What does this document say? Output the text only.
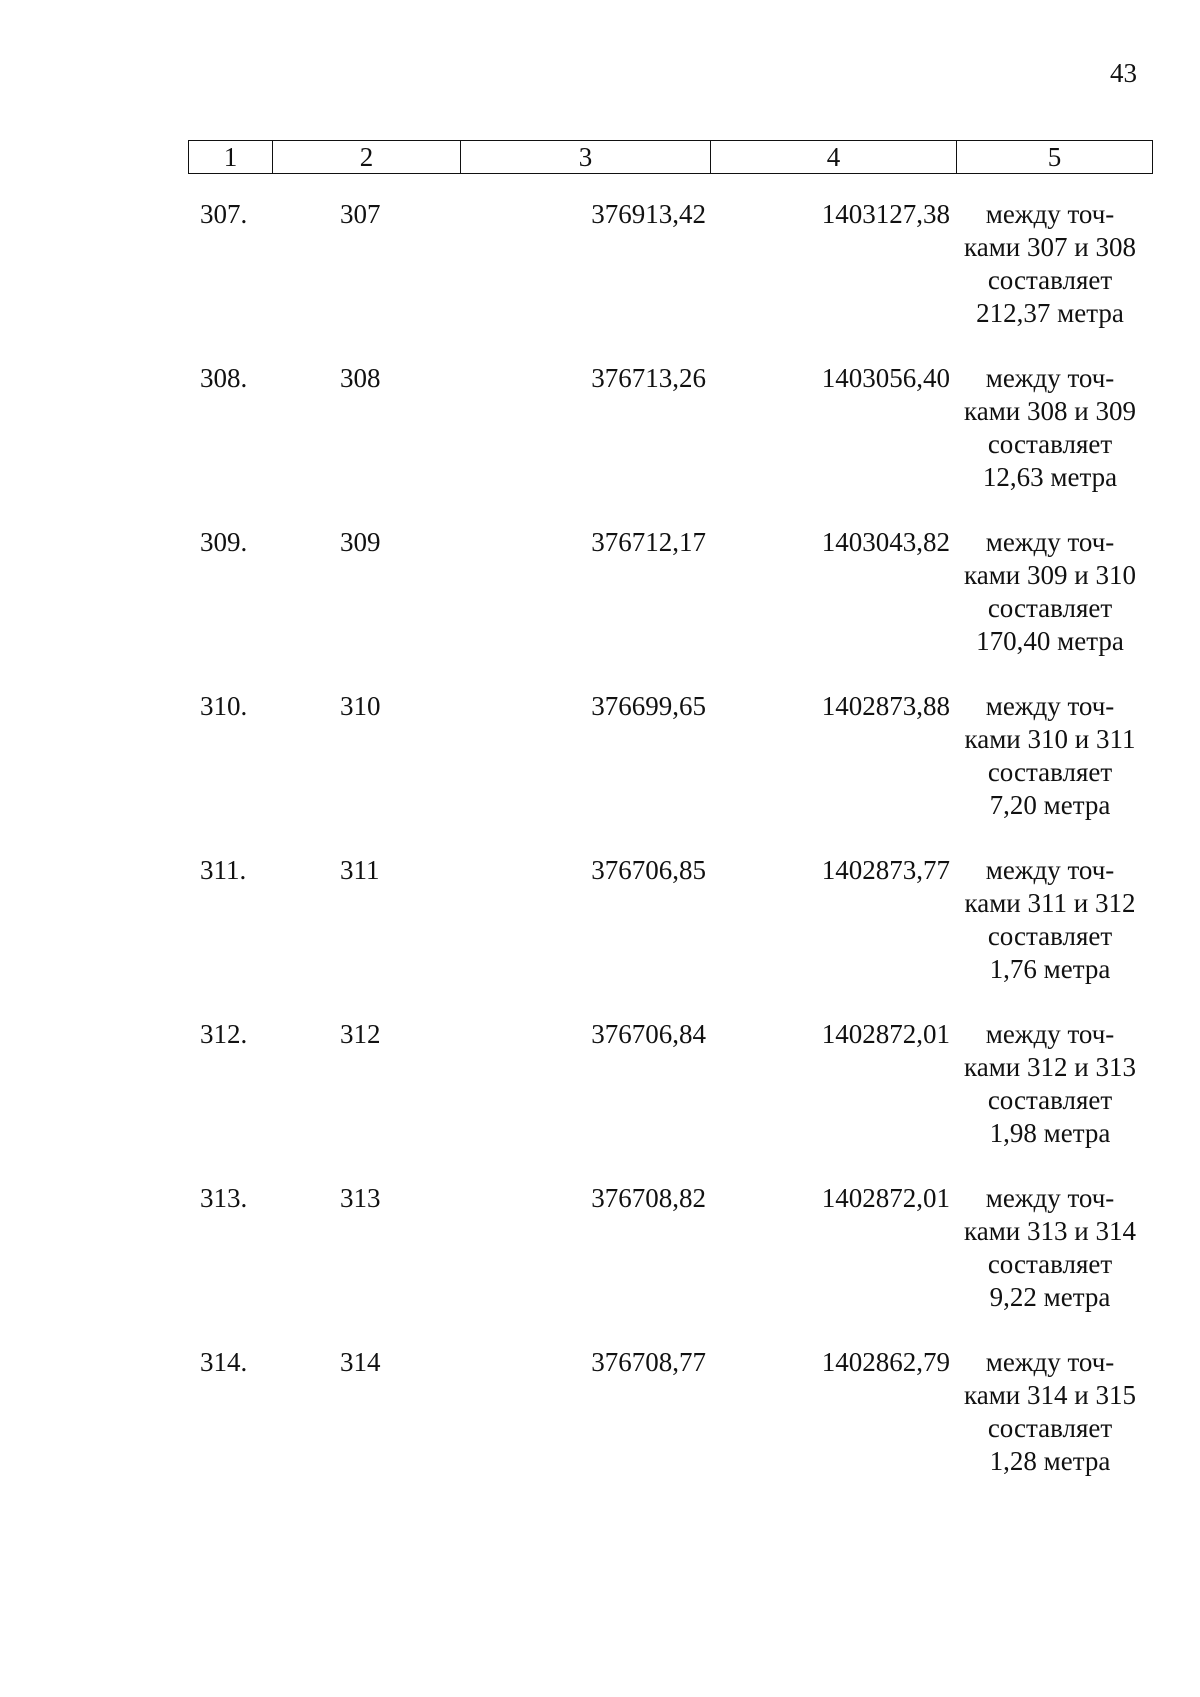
43
1	2	3	4	5
307.	307	376913,42	1403127,38	между точ-
ками 307 и 308
составляет
212,37 метра
308.	308	376713,26	1403056,40	между точ-
ками 308 и 309
составляет
12,63 метра
309.	309	376712,17	1403043,82	между точ-
ками 309 и 310
составляет
170,40 метра
310.	310	376699,65	1402873,88	между точ-
ками 310 и 311
составляет
7,20 метра
311.	311	376706,85	1402873,77	между точ-
ками 311 и 312
составляет
1,76 метра
312.	312	376706,84	1402872,01	между точ-
ками 312 и 313
составляет
1,98 метра
313.	313	376708,82	1402872,01	между точ-
ками 313 и 314
составляет
9,22 метра
314.	314	376708,77	1402862,79	между точ-
ками 314 и 315
составляет
1,28 метра
